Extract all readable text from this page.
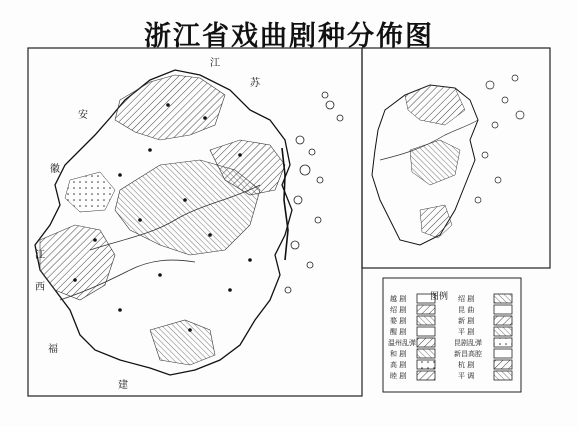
江
苏
安
徽
江
西
福
建
浙江省戏曲剧种分佈图
图例
越 剧
绍 剧
婺 剧
醒 剧
温州乱弹
和 剧
高 剧
睦 剧
绍 剧
昆 曲
新 剧
平 剧
昆剧乱弹
新昌高腔
杭 剧
平 调
